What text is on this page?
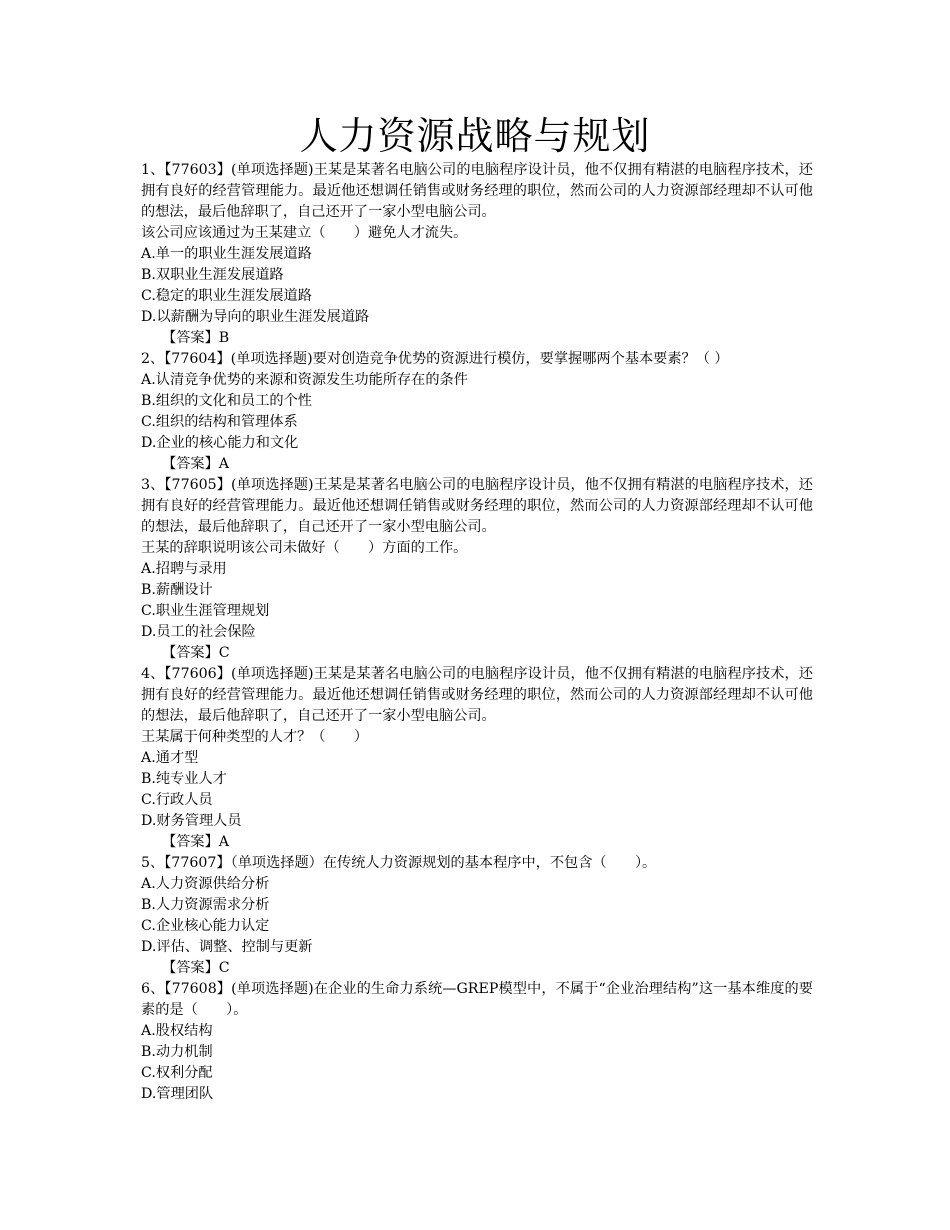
人力资源战略与规划

1、【77603】(单项选择题)王某是某著名电脑公司的电脑程序设计员，他不仅拥有精湛的电脑程序技术，还拥有良好的经营管理能力。最近他还想调任销售或财务经理的职位，然而公司的人力资源部经理却不认可他的想法，最后他辞职了，自己还开了一家小型电脑公司。

该公司应该通过为王某建立（　　）避免人才流失。

A.单一的职业生涯发展道路

B.双职业生涯发展道路

C.稳定的职业生涯发展道路

D.以薪酬为导向的职业生涯发展道路

【答案】B

2、【77604】(单项选择题)要对创造竞争优势的资源进行模仿，要掌握哪两个基本要素？（ ）

A.认清竞争优势的来源和资源发生功能所存在的条件

B.组织的文化和员工的个性

C.组织的结构和管理体系

D.企业的核心能力和文化

【答案】A

3、【77605】(单项选择题)王某是某著名电脑公司的电脑程序设计员，他不仅拥有精湛的电脑程序技术，还拥有良好的经营管理能力。最近他还想调任销售或财务经理的职位，然而公司的人力资源部经理却不认可他的想法，最后他辞职了，自己还开了一家小型电脑公司。

王某的辞职说明该公司未做好（　　）方面的工作。

A.招聘与录用

B.薪酬设计

C.职业生涯管理规划

D.员工的社会保险

【答案】C

4、【77606】(单项选择题)王某是某著名电脑公司的电脑程序设计员，他不仅拥有精湛的电脑程序技术，还拥有良好的经营管理能力。最近他还想调任销售或财务经理的职位，然而公司的人力资源部经理却不认可他的想法，最后他辞职了，自己还开了一家小型电脑公司。

王某属于何种类型的人才？（　　）

A.通才型

B.纯专业人才

C.行政人员

D.财务管理人员

【答案】A

5、【77607】（单项选择题）在传统人力资源规划的基本程序中，不包含（　　）。

A.人力资源供给分析

B.人力资源需求分析

C.企业核心能力认定

D.评估、调整、控制与更新

【答案】C

6、【77608】(单项选择题)在企业的生命力系统—GREP模型中，不属于“企业治理结构”这一基本维度的要素的是（　　）。

A.股权结构

B.动力机制

C.权利分配

D.管理团队
